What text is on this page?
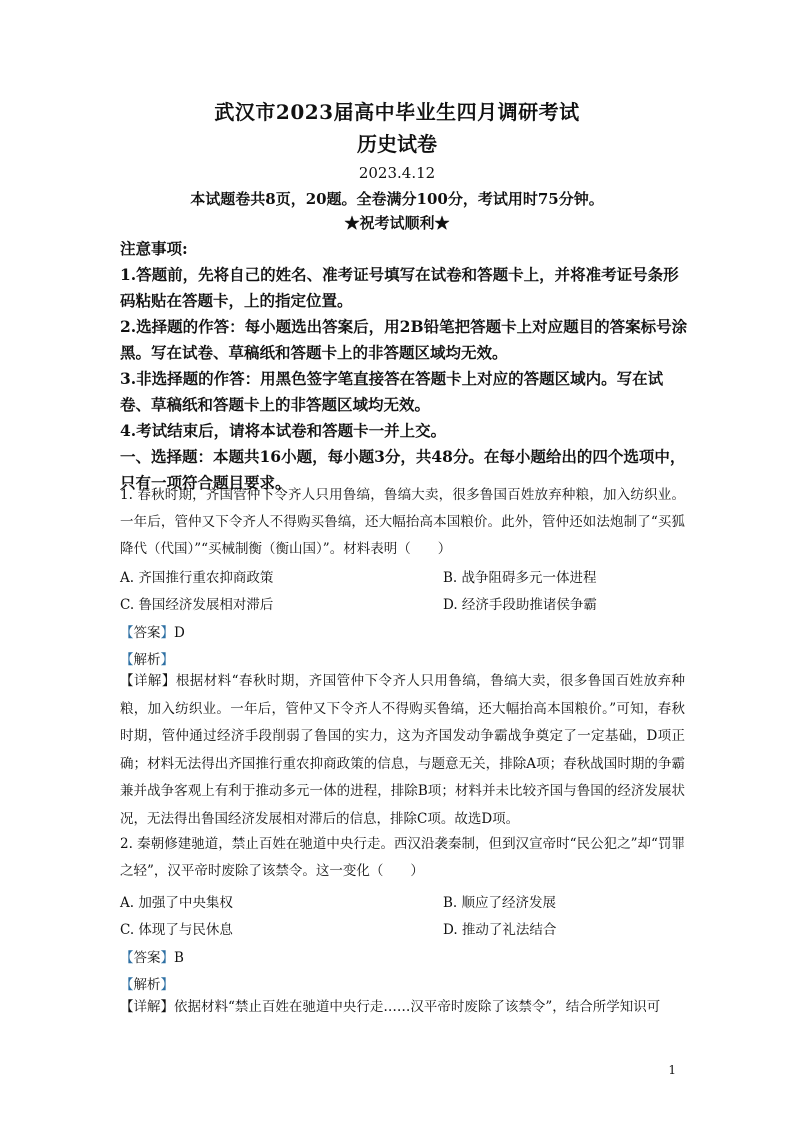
武汉市2023届高中毕业生四月调研考试
历史试卷
2023.4.12
本试题卷共8页，20题。全卷满分100分，考试用时75分钟。
★祝考试顺利★
注意事项:
1.答题前，先将自己的姓名、准考证号填写在试卷和答题卡上，并将准考证号条形码粘贴在答题卡，上的指定位置。
2.选择题的作答：每小题选出答案后，用2B铅笔把答题卡上对应题目的答案标号涂黑。写在试卷、草稿纸和答题卡上的非答题区域均无效。
3.非选择题的作答：用黑色签字笔直接答在答题卡上对应的答题区域内。写在试卷、草稿纸和答题卡上的非答题区域均无效。
4.考试结束后，请将本试卷和答题卡一并上交。
一、选择题：本题共16小题，每小题3分，共48分。在每小题给出的四个选项中，只有一项符合题目要求。
1. 春秋时期，齐国管仲下令齐人只用鲁缟，鲁缟大卖，很多鲁国百姓放弃种粮，加入纺织业。一年后，管仲又下令齐人不得购买鲁缟，还大幅抬高本国粮价。此外，管仲还如法炮制了“买狐降代（代国）”“买械制衡（衡山国）”。材料表明（　　）
A. 齐国推行重农抑商政策	B. 战争阻碍多元一体进程
C. 鲁国经济发展相对滞后	D. 经济手段助推诸侯争霸
【答案】D
【解析】
【详解】根据材料“春秋时期，齐国管仲下令齐人只用鲁缟，鲁缟大卖，很多鲁国百姓放弃种粮，加入纺织业。一年后，管仲又下令齐人不得购买鲁缟，还大幅抬高本国粮价。”可知，春秋时期，管仲通过经济手段削弱了鲁国的实力，这为齐国发动争霸战争奠定了一定基础，D项正确；材料无法得出齐国推行重农抑商政策的信息，与题意无关，排除A项；春秋战国时期的争霸兼并战争客观上有利于推动多元一体的进程，排除B项；材料并未比较齐国与鲁国的经济发展状况，无法得出鲁国经济发展相对滞后的信息，排除C项。故选D项。
2. 秦朝修建驰道，禁止百姓在驰道中央行走。西汉沿袭秦制，但到汉宣帝时“民公犯之”却“罚罪之轻”，汉平帝时废除了该禁令。这一变化（　　）
A. 加强了中央集权	B. 顺应了经济发展
C. 体现了与民休息	D. 推动了礼法结合
【答案】B
【解析】
【详解】依据材料“禁止百姓在驰道中央行走……汉平帝时废除了该禁令”，结合所学知识可
1
